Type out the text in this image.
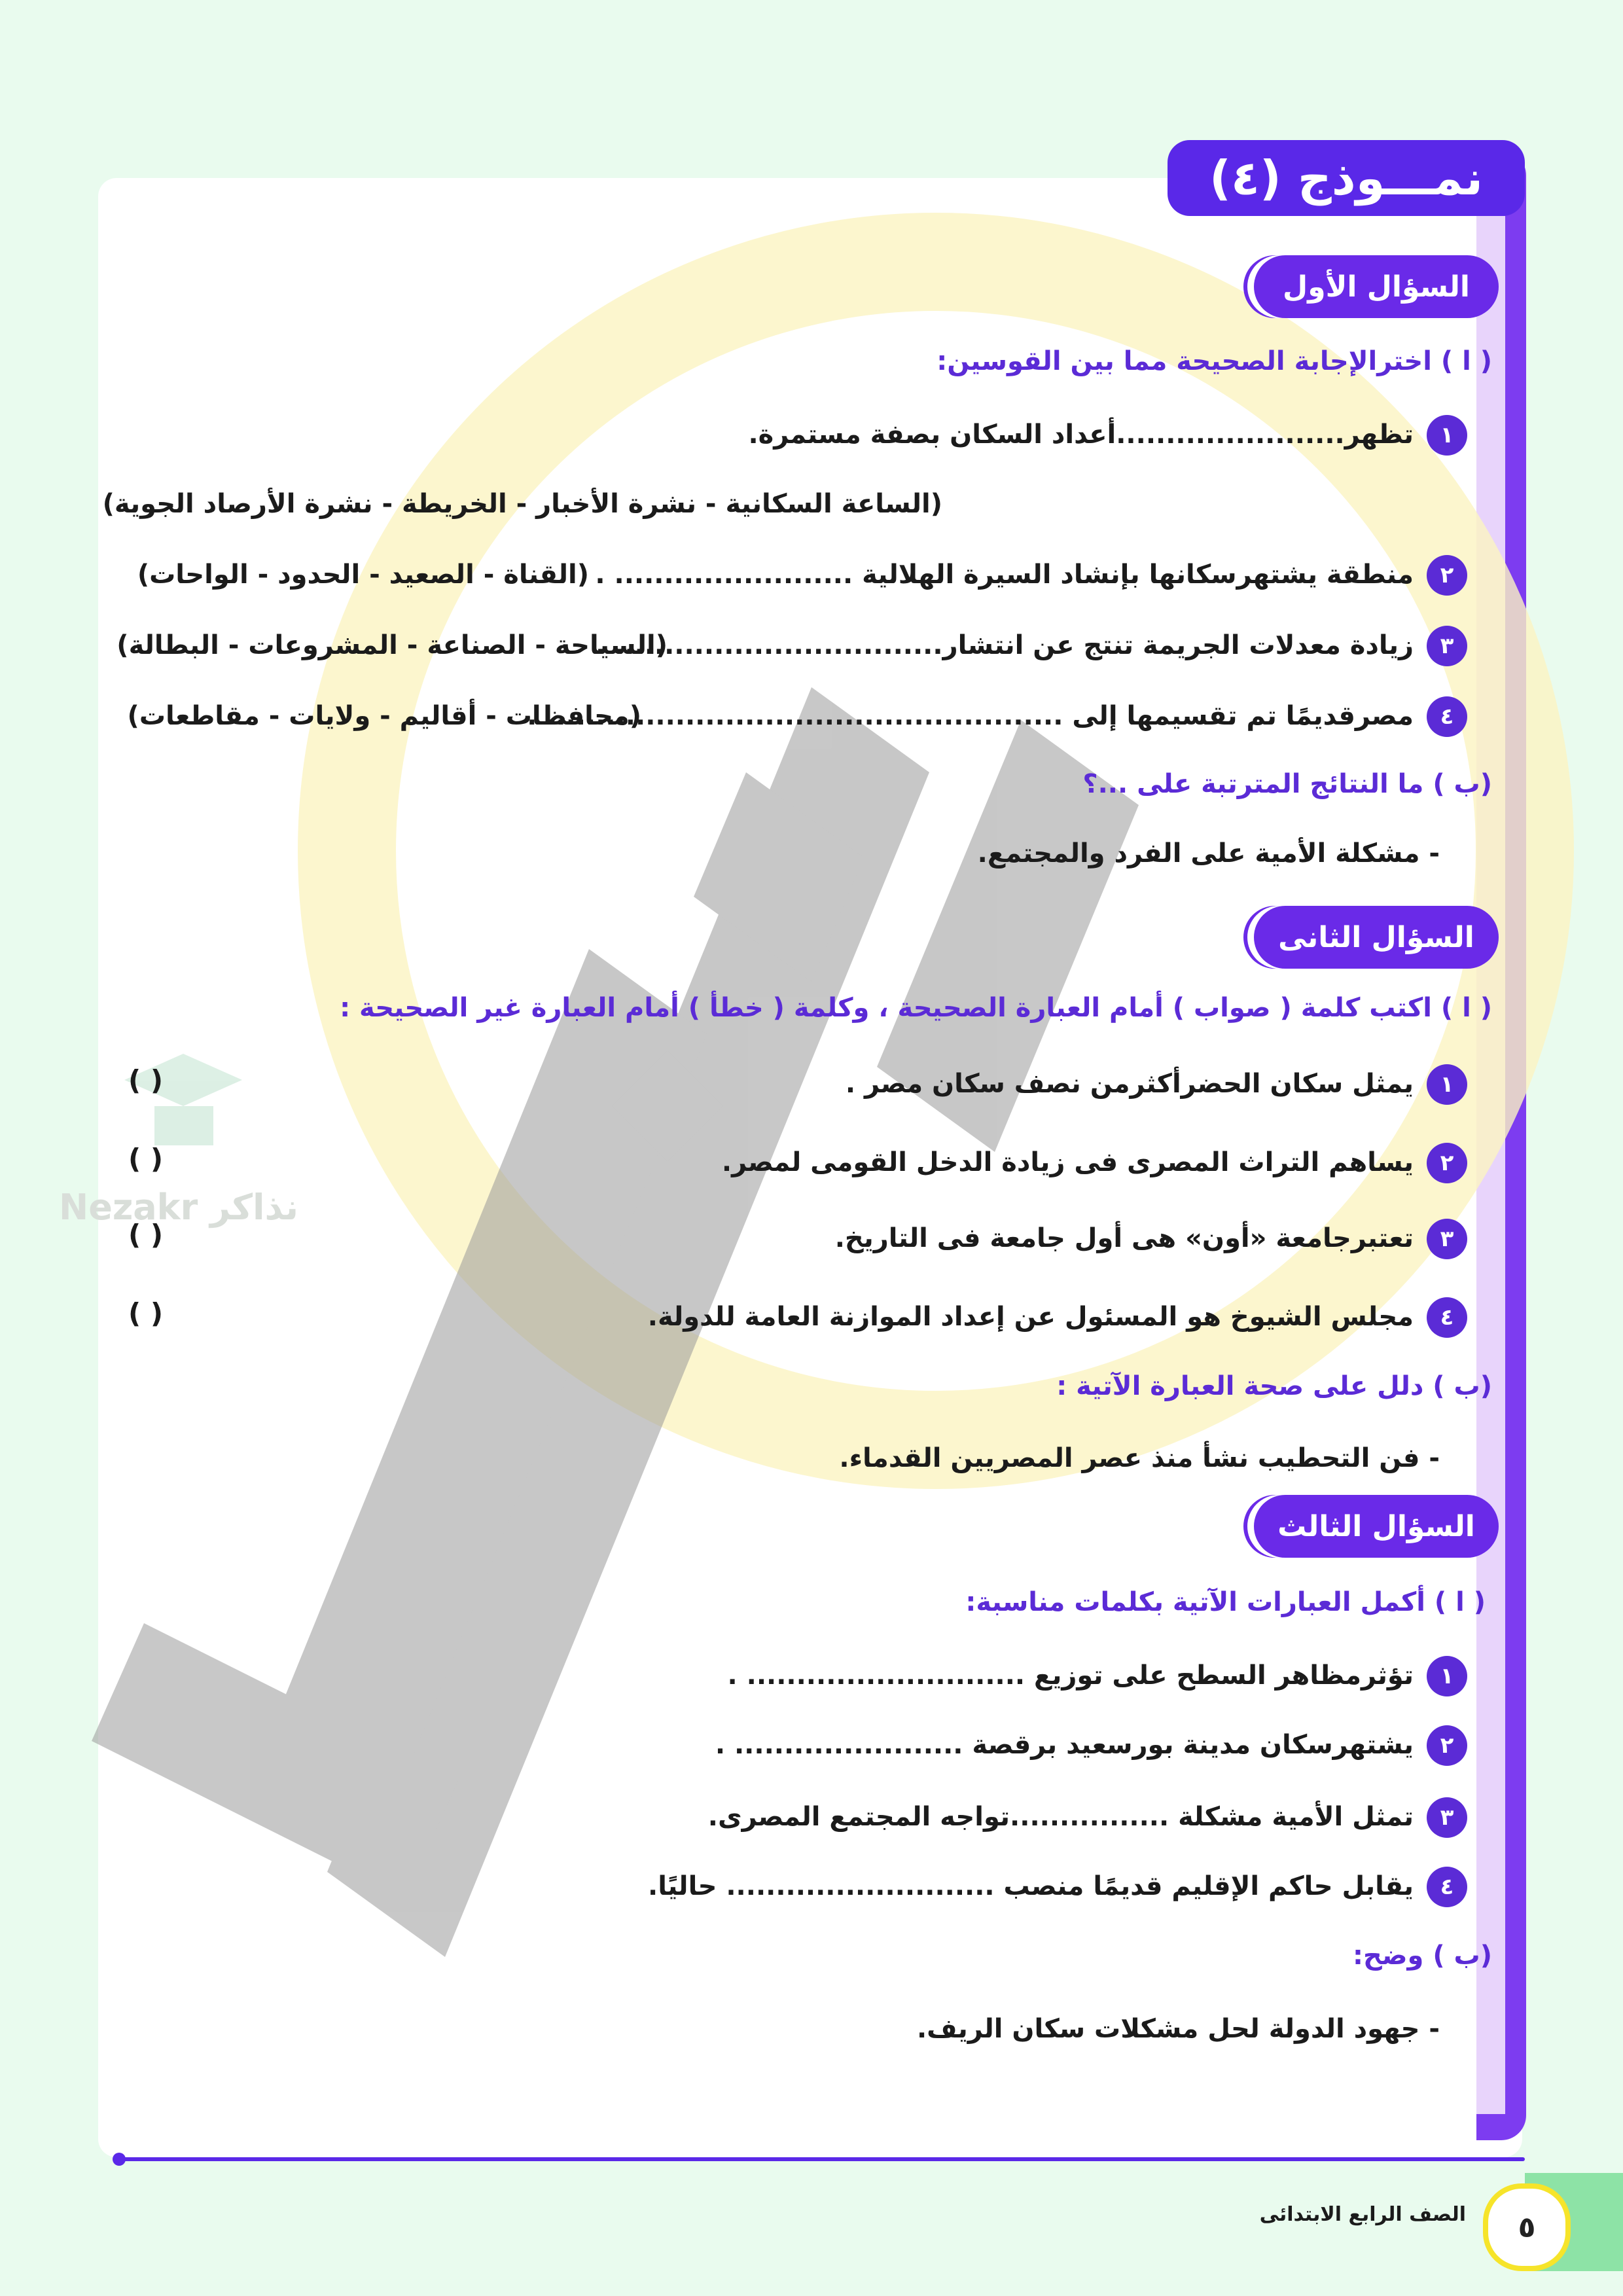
Nezakr نذاكر
نمـــوذج (٤)
السؤال الأول
( ا ) اخترالإجابة الصحيحة مما بين القوسين:
١
تظهر.......................أعداد السكان بصفة مستمرة.
(الساعة السكانية - نشرة الأخبار - الخريطة - نشرة الأرصاد الجوية)
٢
منطقة يشتهرسكانها بإنشاد السيرة الهلالية ........................ .
(القناة - الصعيد - الحدود - الواحات)
٣
زيادة معدلات الجريمة تنتج عن انتشار................................. .
(السياحة - الصناعة - المشروعات - البطالة)
٤
مصرقديمًا تم تقسيمها إلى .................................................... .
(محافظات - أقاليم - ولايات - مقاطعات)
(ب ) ما النتائج المترتبة على ...؟
- مشكلة الأمية على الفرد والمجتمع.
السؤال الثانى
( ا ) اكتب كلمة ( صواب ) أمام العبارة الصحيحة ، وكلمة ( خطأ ) أمام العبارة غير الصحيحة :
١
يمثل سكان الحضرأكثرمن نصف سكان مصر .
( )
٢
يساهم التراث المصرى فى زيادة الدخل القومى لمصر.
( )
٣
تعتبرجامعة «أون» هى أول جامعة فى التاريخ.
( )
٤
مجلس الشيوخ هو المسئول عن إعداد الموازنة العامة للدولة.
( )
(ب ) دلل على صحة العبارة الآتية :
- فن التحطيب نشأ منذ عصر المصريين القدماء.
السؤال الثالث
( ا ) أكمل العبارات الآتية بكلمات مناسبة:
١
تؤثرمظاهر السطح على توزيع ............................ .
٢
يشتهرسكان مدينة بورسعيد برقصة ....................... .
٣
تمثل الأمية مشكلة ................تواجه المجتمع المصرى.
٤
يقابل حاكم الإقليم قديمًا منصب ........................... حاليًا.
(ب ) وضح:
- جهود الدولة لحل مشكلات سكان الريف.
٥
الصف الرابع الابتدائى
